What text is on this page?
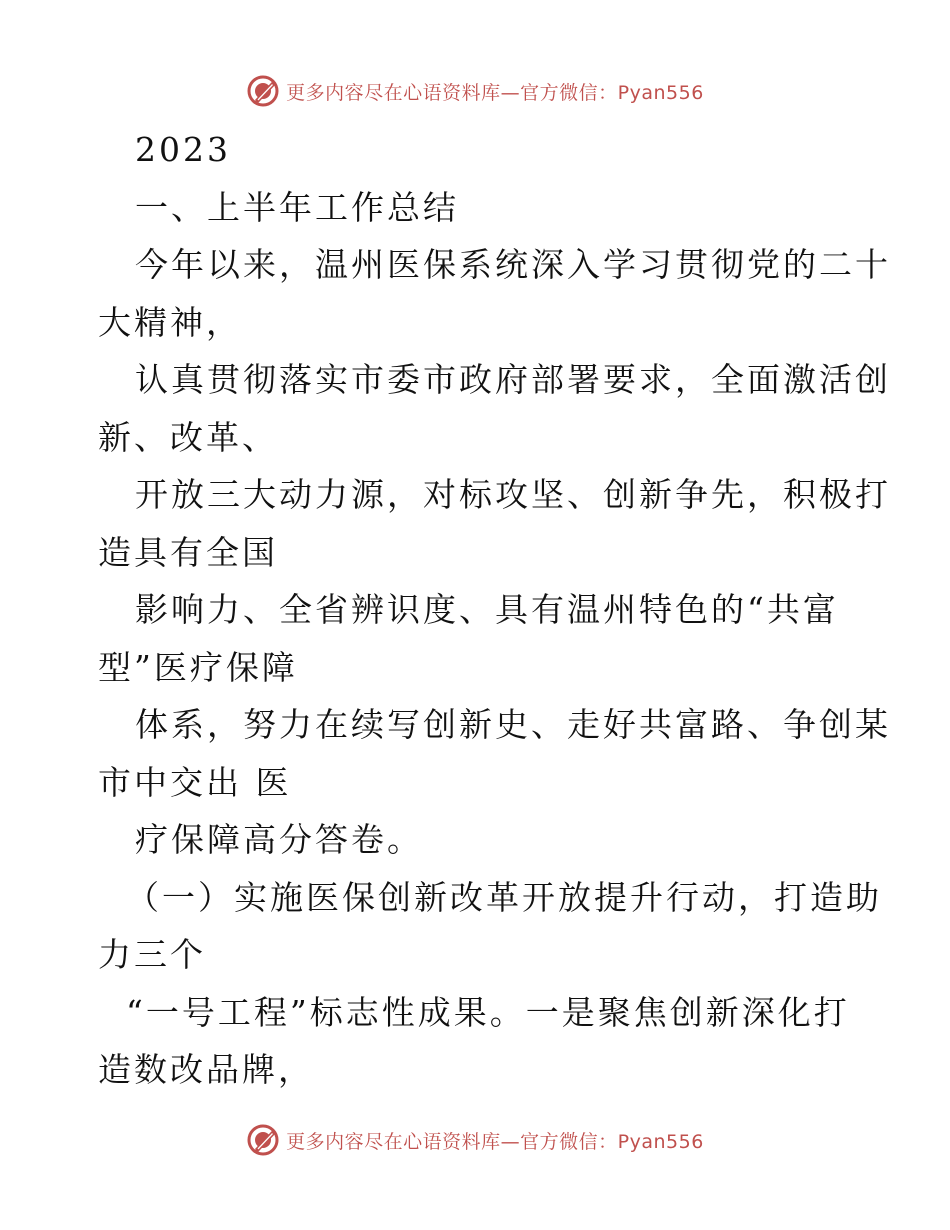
更多内容尽在心语资料库—官方微信：Pyan556
2023
一、上半年工作总结
今年以来，温州医保系统深入学习贯彻党的二十
大精神，
认真贯彻落实市委市政府部署要求，全面激活创
新、改革、
开放三大动力源，对标攻坚、创新争先，积极打
造具有全国
影响力、全省辨识度、具有温州特色的“共富
型”医疗保障
体系，努力在续写创新史、走好共富路、争创某
市中交出 医
疗保障高分答卷。
（一）实施医保创新改革开放提升行动，打造助
力三个
“一号工程”标志性成果。一是聚焦创新深化打
造数改品牌，
更多内容尽在心语资料库—官方微信：Pyan556
